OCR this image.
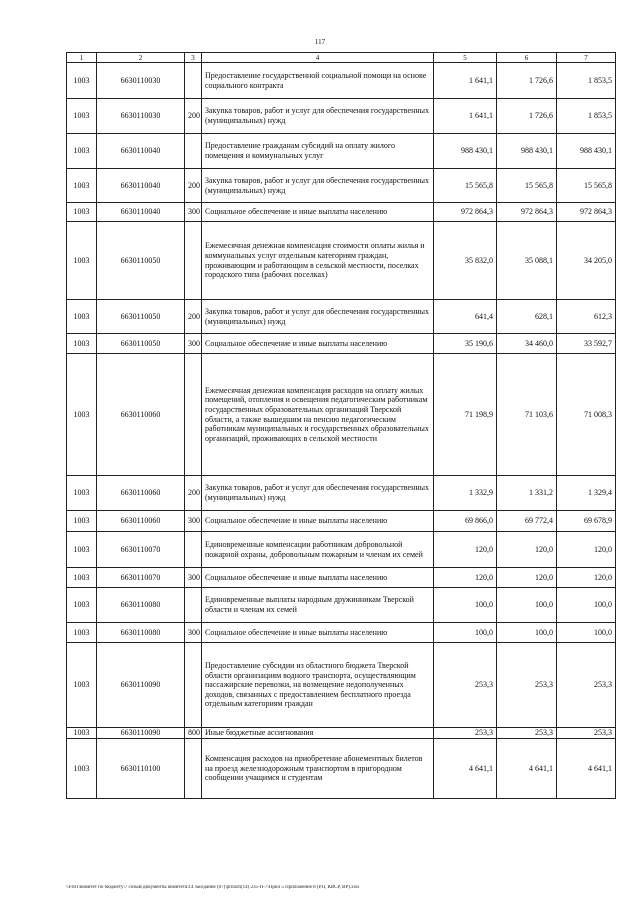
117
1	2	3	4	5	6	7
1003	6630110030		Предоставление государственной социальной помощи на основе социального контракта	1 641,1	1 726,6	1 853,5
1003	6630110030	200	Закупка товаров, работ и услуг для обеспечения государственных (муниципальных) нужд	1 641,1	1 726,6	1 853,5
1003	6630110040		Предоставление гражданам субсидий на оплату жилого помещения и коммунальных услуг	988 430,1	988 430,1	988 430,1
1003	6630110040	200	Закупка товаров, работ и услуг для обеспечения государственных (муниципальных) нужд	15 565,8	15 565,8	15 565,8
1003	6630110040	300	Социальное обеспечение и иные выплаты населению	972 864,3	972 864,3	972 864,3
1003	6630110050		Ежемесячная денежная компенсация стоимости оплаты жилья и коммунальных услуг отдельным категориям граждан, проживающим и работающим в сельской местности, поселках городского типа (рабочих поселках)	35 832,0	35 088,1	34 205,0
1003	6630110050	200	Закупка товаров, работ и услуг для обеспечения государственных (муниципальных) нужд	641,4	628,1	612,3
1003	6630110050	300	Социальное обеспечение и иные выплаты населению	35 190,6	34 460,0	33 592,7
1003	6630110060		Ежемесячная денежная компенсация расходов на оплату жилых помещений, отопления и освещения педагогическим работникам государственных образовательных организаций Тверской области, а также вышедшим на пенсию педагогическим работникам муниципальных и государственных образовательных организаций, проживающих в сельской местности	71 198,9	71 103,6	71 008,3
1003	6630110060	200	Закупка товаров, работ и услуг для обеспечения государственных (муниципальных) нужд	1 332,9	1 331,2	1 329,4
1003	6630110060	300	Социальное обеспечение и иные выплаты населению	69 866,0	69 772,4	69 678,9
1003	6630110070		Единовременные компенсации работникам добровольной пожарной охраны, добровольным пожарным и членам их семей	120,0	120,0	120,0
1003	6630110070	300	Социальное обеспечение и иные выплаты населению	120,0	120,0	120,0
1003	6630110080		Единовременные выплаты народным дружинникам Тверской области и членам их семей	100,0	100,0	100,0
1003	6630110080	300	Социальное обеспечение и иные выплаты населению	100,0	100,0	100,0
1003	6630110090		Предоставление субсидии из областного бюджета Тверской области организациям водного транспорта, осуществляющим пассажирские перевозки, на возмещение недополученных доходов, связанных с предоставлением бесплатного проезда отдельным категориям граждан	253,3	253,3	253,3
1003	6630110090	800	Иные бюджетные ассигнования	253,3	253,3	253,3
1003	6630110100		Компенсация расходов на приобретение абонементных билетов на проезд железнодорожным транспортом в пригородном сообщении учащимся и студентам	4 641,1	4 641,1	4 641,1
\\Fs01\комитет по бюджету\7 созыв\Документы комитета\14 заседание (07)\prilozh(14) 235-П-7\Прил 5 Приложение 8 (РП, КВСР, ВР).xlsx
